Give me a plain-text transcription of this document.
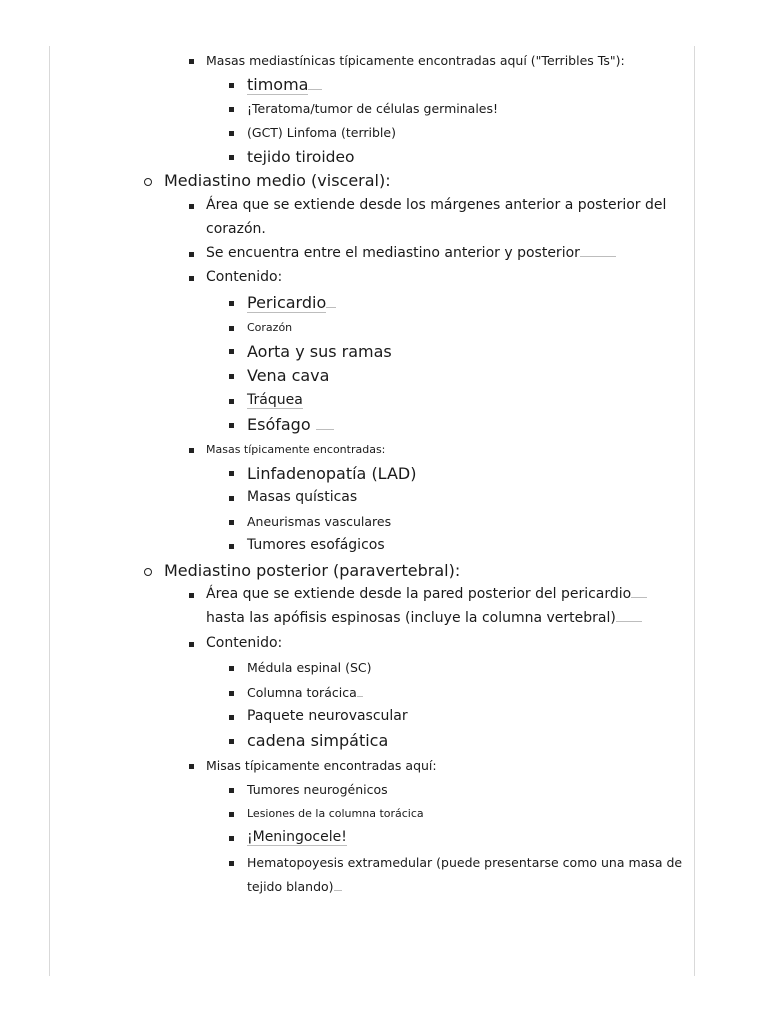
Masas mediastínicas típicamente encontradas aquí ("Terribles Ts"):
timoma
¡Teratoma/tumor de células germinales!
(GCT) Linfoma (terrible)
tejido tiroideo
Mediastino medio (visceral):
Área que se extiende desde los márgenes anterior a posterior del
corazón.
Se encuentra entre el mediastino anterior y posterior
Contenido:
Pericardio
Corazón
Aorta y sus ramas
Vena cava
Tráquea
Esófago
Masas típicamente encontradas:
Linfadenopatía (LAD)
Masas quísticas
Aneurismas vasculares
Tumores esofágicos
Mediastino posterior (paravertebral):
Área que se extiende desde la pared posterior del pericardio
hasta las apófisis espinosas (incluye la columna vertebral)
Contenido:
Médula espinal (SC)
Columna torácica
Paquete neurovascular
cadena simpática
Misas típicamente encontradas aquí:
Tumores neurogénicos
Lesiones de la columna torácica
¡Meningocele!
Hematopoyesis extramedular (puede presentarse como una masa de
tejido blando)
